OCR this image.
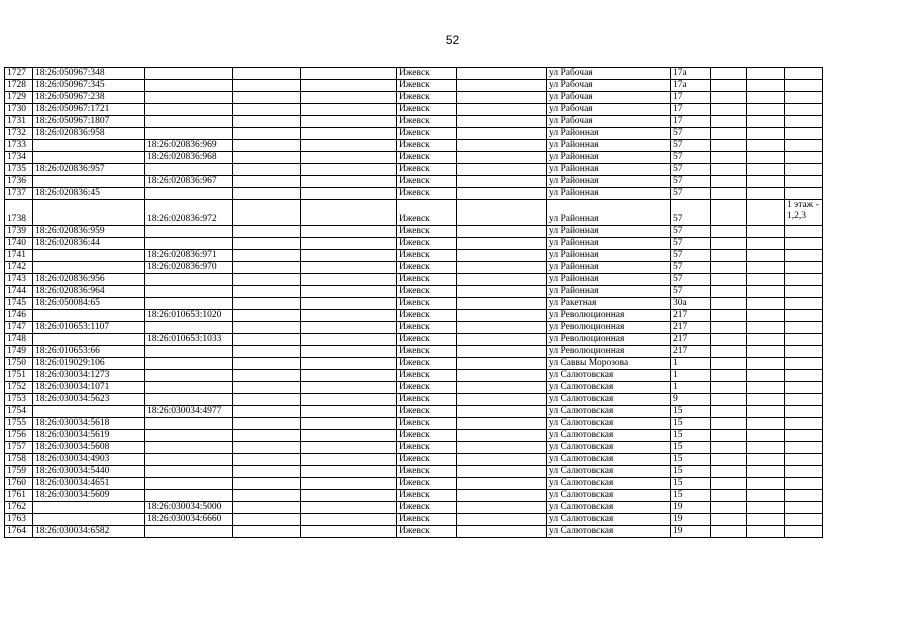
52
1727	18:26:050967:348				Ижевск		ул Рабочая	17а			
1728	18:26:050967:345				Ижевск		ул Рабочая	17а			
1729	18:26:050967:238				Ижевск		ул Рабочая	17			
1730	18:26:050967:1721				Ижевск		ул Рабочая	17			
1731	18:26:050967:1807				Ижевск		ул Рабочая	17			
1732	18:26:020836:958				Ижевск		ул Районная	57			
1733		18:26:020836:969			Ижевск		ул Районная	57			
1734		18:26:020836:968			Ижевск		ул Районная	57			
1735	18:26:020836:957				Ижевск		ул Районная	57			
1736		18:26:020836:967			Ижевск		ул Районная	57			
1737	18:26:020836:45				Ижевск		ул Районная	57			
1738		18:26:020836:972			Ижевск		ул Районная	57			1 этаж -
1,2,3

1739	18:26:020836:959				Ижевск		ул Районная	57			
1740	18:26:020836:44				Ижевск		ул Районная	57			
1741		18:26:020836:971			Ижевск		ул Районная	57			
1742		18:26:020836:970			Ижевск		ул Районная	57			
1743	18:26:020836:956				Ижевск		ул Районная	57			
1744	18:26:020836:964				Ижевск		ул Районная	57			
1745	18:26:050084:65				Ижевск		ул Ракетная	30а			
1746		18:26:010653:1020			Ижевск		ул Революционная	217			
1747	18:26:010653:1107				Ижевск		ул Революционная	217			
1748		18:26:010653:1033			Ижевск		ул Революционная	217			
1749	18:26:010653:66				Ижевск		ул Революционная	217			
1750	18:26:019029:106				Ижевск		ул Саввы Морозова	1			
1751	18:26:030034:1273				Ижевск		ул Салютовская	1			
1752	18:26:030034:1071				Ижевск		ул Салютовская	1			
1753	18:26:030034:5623				Ижевск		ул Салютовская	9			
1754		18:26:030034:4977			Ижевск		ул Салютовская	15			
1755	18:26:030034:5618				Ижевск		ул Салютовская	15			
1756	18:26:030034:5619				Ижевск		ул Салютовская	15			
1757	18:26:030034:5608				Ижевск		ул Салютовская	15			
1758	18:26:030034:4903				Ижевск		ул Салютовская	15			
1759	18:26:030034:5440				Ижевск		ул Салютовская	15			
1760	18:26:030034:4651				Ижевск		ул Салютовская	15			
1761	18:26:030034:5609				Ижевск		ул Салютовская	15			
1762		18:26:030034:5000			Ижевск		ул Салютовская	19			
1763		18:26:030034:6660			Ижевск		ул Салютовская	19			
1764	18:26:030034:6582				Ижевск		ул Салютовская	19			
